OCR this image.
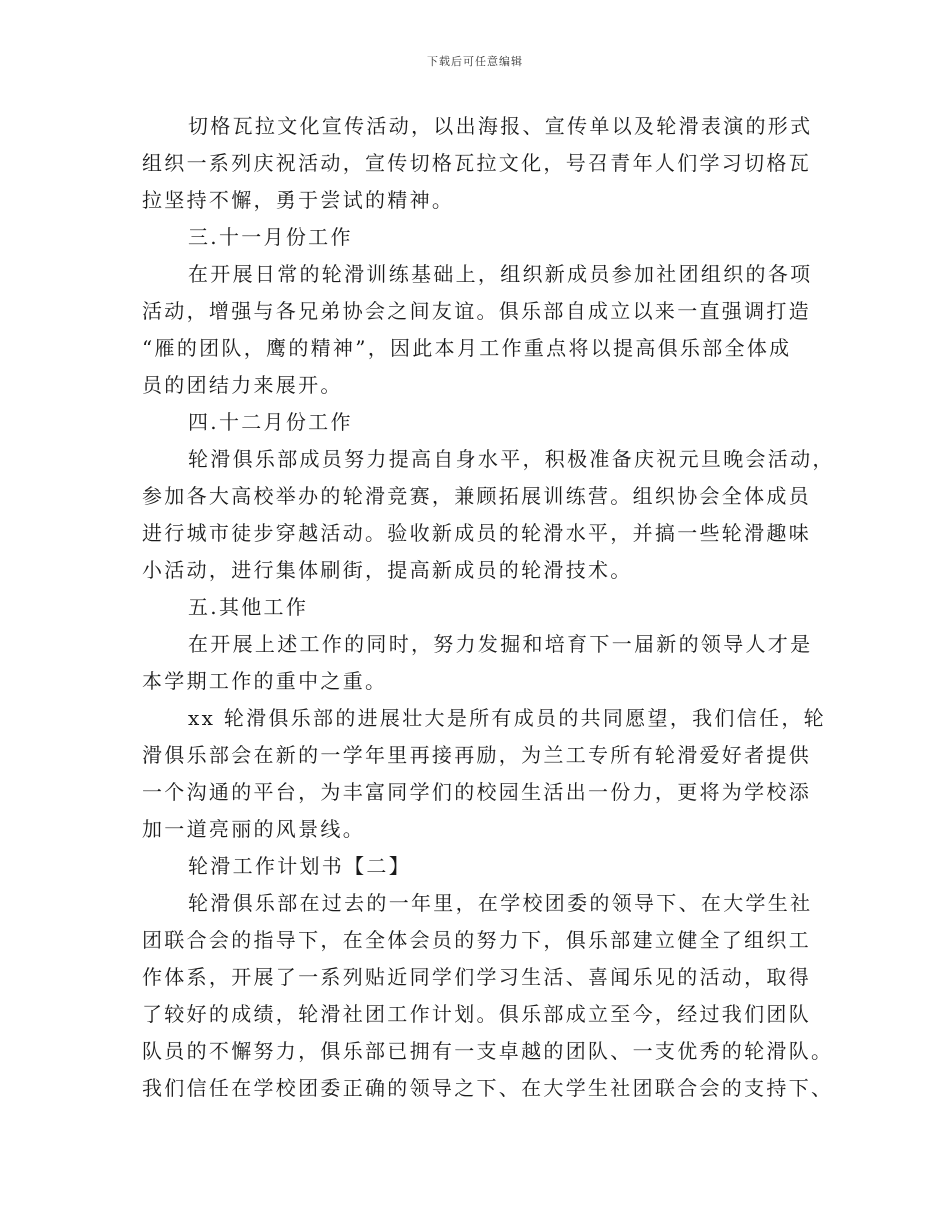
下载后可任意编辑
切格瓦拉文化宣传活动，以出海报、宣传单以及轮滑表演的形式
组织一系列庆祝活动，宣传切格瓦拉文化，号召青年人们学习切格瓦
拉坚持不懈，勇于尝试的精神。
三.十一月份工作
在开展日常的轮滑训练基础上，组织新成员参加社团组织的各项
活动，增强与各兄弟协会之间友谊。俱乐部自成立以来一直强调打造
“雁的团队，鹰的精神”，因此本月工作重点将以提高俱乐部全体成
员的团结力来展开。
四.十二月份工作
轮滑俱乐部成员努力提高自身水平，积极准备庆祝元旦晚会活动，
参加各大高校举办的轮滑竞赛，兼顾拓展训练营。组织协会全体成员
进行城市徒步穿越活动。验收新成员的轮滑水平，并搞一些轮滑趣味
小活动，进行集体刷街，提高新成员的轮滑技术。
五.其他工作
在开展上述工作的同时，努力发掘和培育下一届新的领导人才是
本学期工作的重中之重。
xx 轮滑俱乐部的进展壮大是所有成员的共同愿望，我们信任，轮
滑俱乐部会在新的一学年里再接再励，为兰工专所有轮滑爱好者提供
一个沟通的平台，为丰富同学们的校园生活出一份力，更将为学校添
加一道亮丽的风景线。
轮滑工作计划书【二】
轮滑俱乐部在过去的一年里，在学校团委的领导下、在大学生社
团联合会的指导下，在全体会员的努力下，俱乐部建立健全了组织工
作体系，开展了一系列贴近同学们学习生活、喜闻乐见的活动，取得
了较好的成绩，轮滑社团工作计划。俱乐部成立至今，经过我们团队
队员的不懈努力，俱乐部已拥有一支卓越的团队、一支优秀的轮滑队。
我们信任在学校团委正确的领导之下、在大学生社团联合会的支持下、
